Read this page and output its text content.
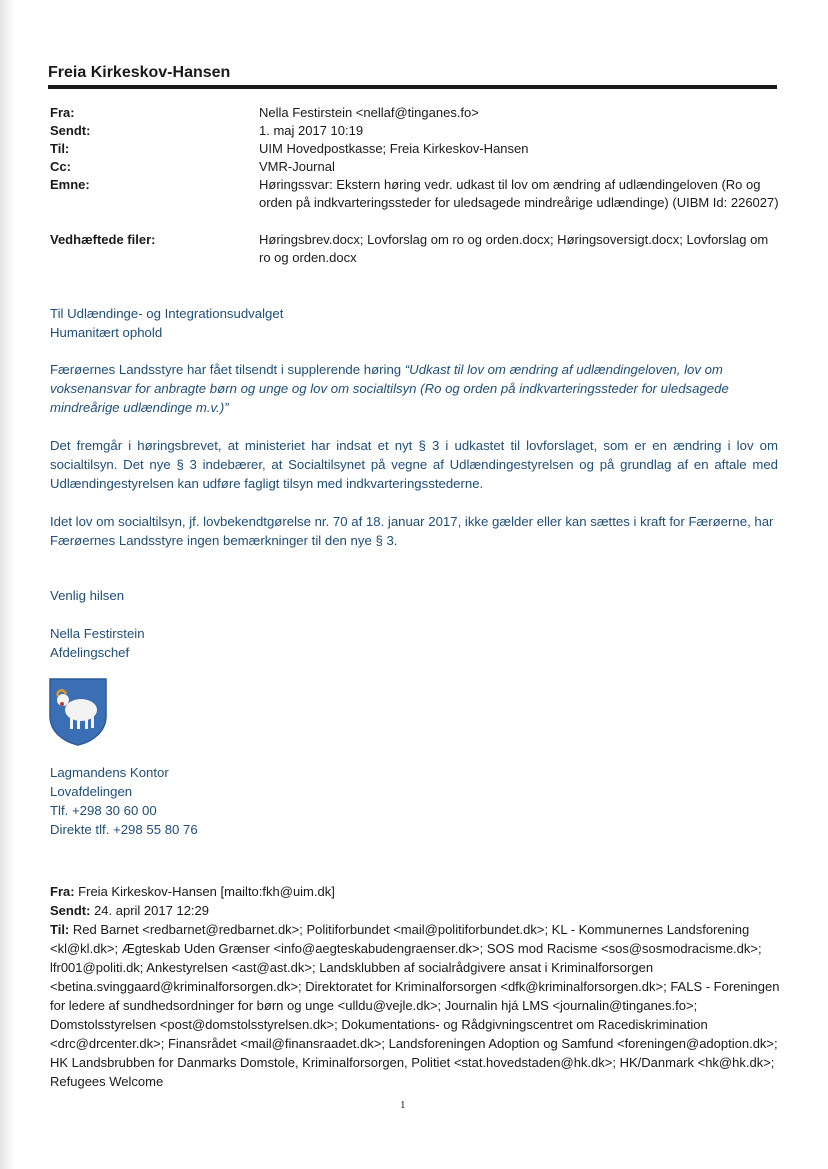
Freia Kirkeskov-Hansen
Fra:	Nella Festirstein <nellaf@tinganes.fo>
Sendt:	1. maj 2017 10:19
Til:	UIM Hovedpostkasse; Freia Kirkeskov-Hansen
Cc:	VMR-Journal
Emne:	Høringssvar: Ekstern høring vedr. udkast til lov om ændring af udlændingeloven (Ro og orden på indkvarteringssteder for uledsagede mindreårige udlændinge) (UIBM Id: 226027)
Vedhæftede filer:	Høringsbrev.docx; Lovforslag om ro og orden.docx; Høringsoversigt.docx; Lovforslag om ro og orden.docx
Til Udlændinge- og Integrationsudvalget
Humanitært ophold
Færøernes Landsstyre har fået tilsendt i supplerende høring “Udkast til lov om ændring af udlændingeloven, lov om voksenansvar for anbragte børn og unge og lov om socialtilsyn (Ro og orden på indkvarteringssteder for uledsagede mindreårige udlændinge m.v.)”
Det fremgår i høringsbrevet, at ministeriet har indsat et nyt § 3 i udkastet til lovforslaget, som er en ændring i lov om socialtilsyn. Det nye § 3 indebærer, at Socialtilsynet på vegne af Udlændingestyrelsen og på grundlag af en aftale med Udlændingestyrelsen kan udføre fagligt tilsyn med indkvarteringsstederne.
Idet lov om socialtilsyn, jf. lovbekendtgørelse nr. 70 af 18. januar 2017, ikke gælder eller kan sættes i kraft for Færøerne, har Færøernes Landsstyre ingen bemærkninger til den nye § 3.
Venlig hilsen
Nella Festirstein
Afdelingschef
Lagmandens Kontor
Lovafdelingen
Tlf. +298 30 60 00
Direkte tlf. +298 55 80 76
Fra: Freia Kirkeskov-Hansen [mailto:fkh@uim.dk]
Sendt: 24. april 2017 12:29
Til: Red Barnet <redbarnet@redbarnet.dk>; Politiforbundet <mail@politiforbundet.dk>; KL - Kommunernes Landsforening <kl@kl.dk>; Ægteskab Uden Grænser <info@aegteskabudengraenser.dk>; SOS mod Racisme <sos@sosmodracisme.dk>; lfr001@politi.dk; Ankestyrelsen <ast@ast.dk>; Landsklubben af socialrådgivere ansat i Kriminalforsorgen <betina.svinggaard@kriminalforsorgen.dk>; Direktoratet for Kriminalforsorgen <dfk@kriminalforsorgen.dk>; FALS - Foreningen for ledere af sundhedsordninger for børn og unge <ulldu@vejle.dk>; Journalin hjá LMS <journalin@tinganes.fo>; Domstolsstyrelsen <post@domstolsstyrelsen.dk>; Dokumentations- og Rådgivningscentret om Racediskrimination <drc@drcenter.dk>; Finansrådet <mail@finansraadet.dk>; Landsforeningen Adoption og Samfund <foreningen@adoption.dk>; HK Landsbrubben for Danmarks Domstole, Kriminalforsorgen, Politiet <stat.hovedstaden@hk.dk>; HK/Danmark <hk@hk.dk>; Refugees Welcome
1
